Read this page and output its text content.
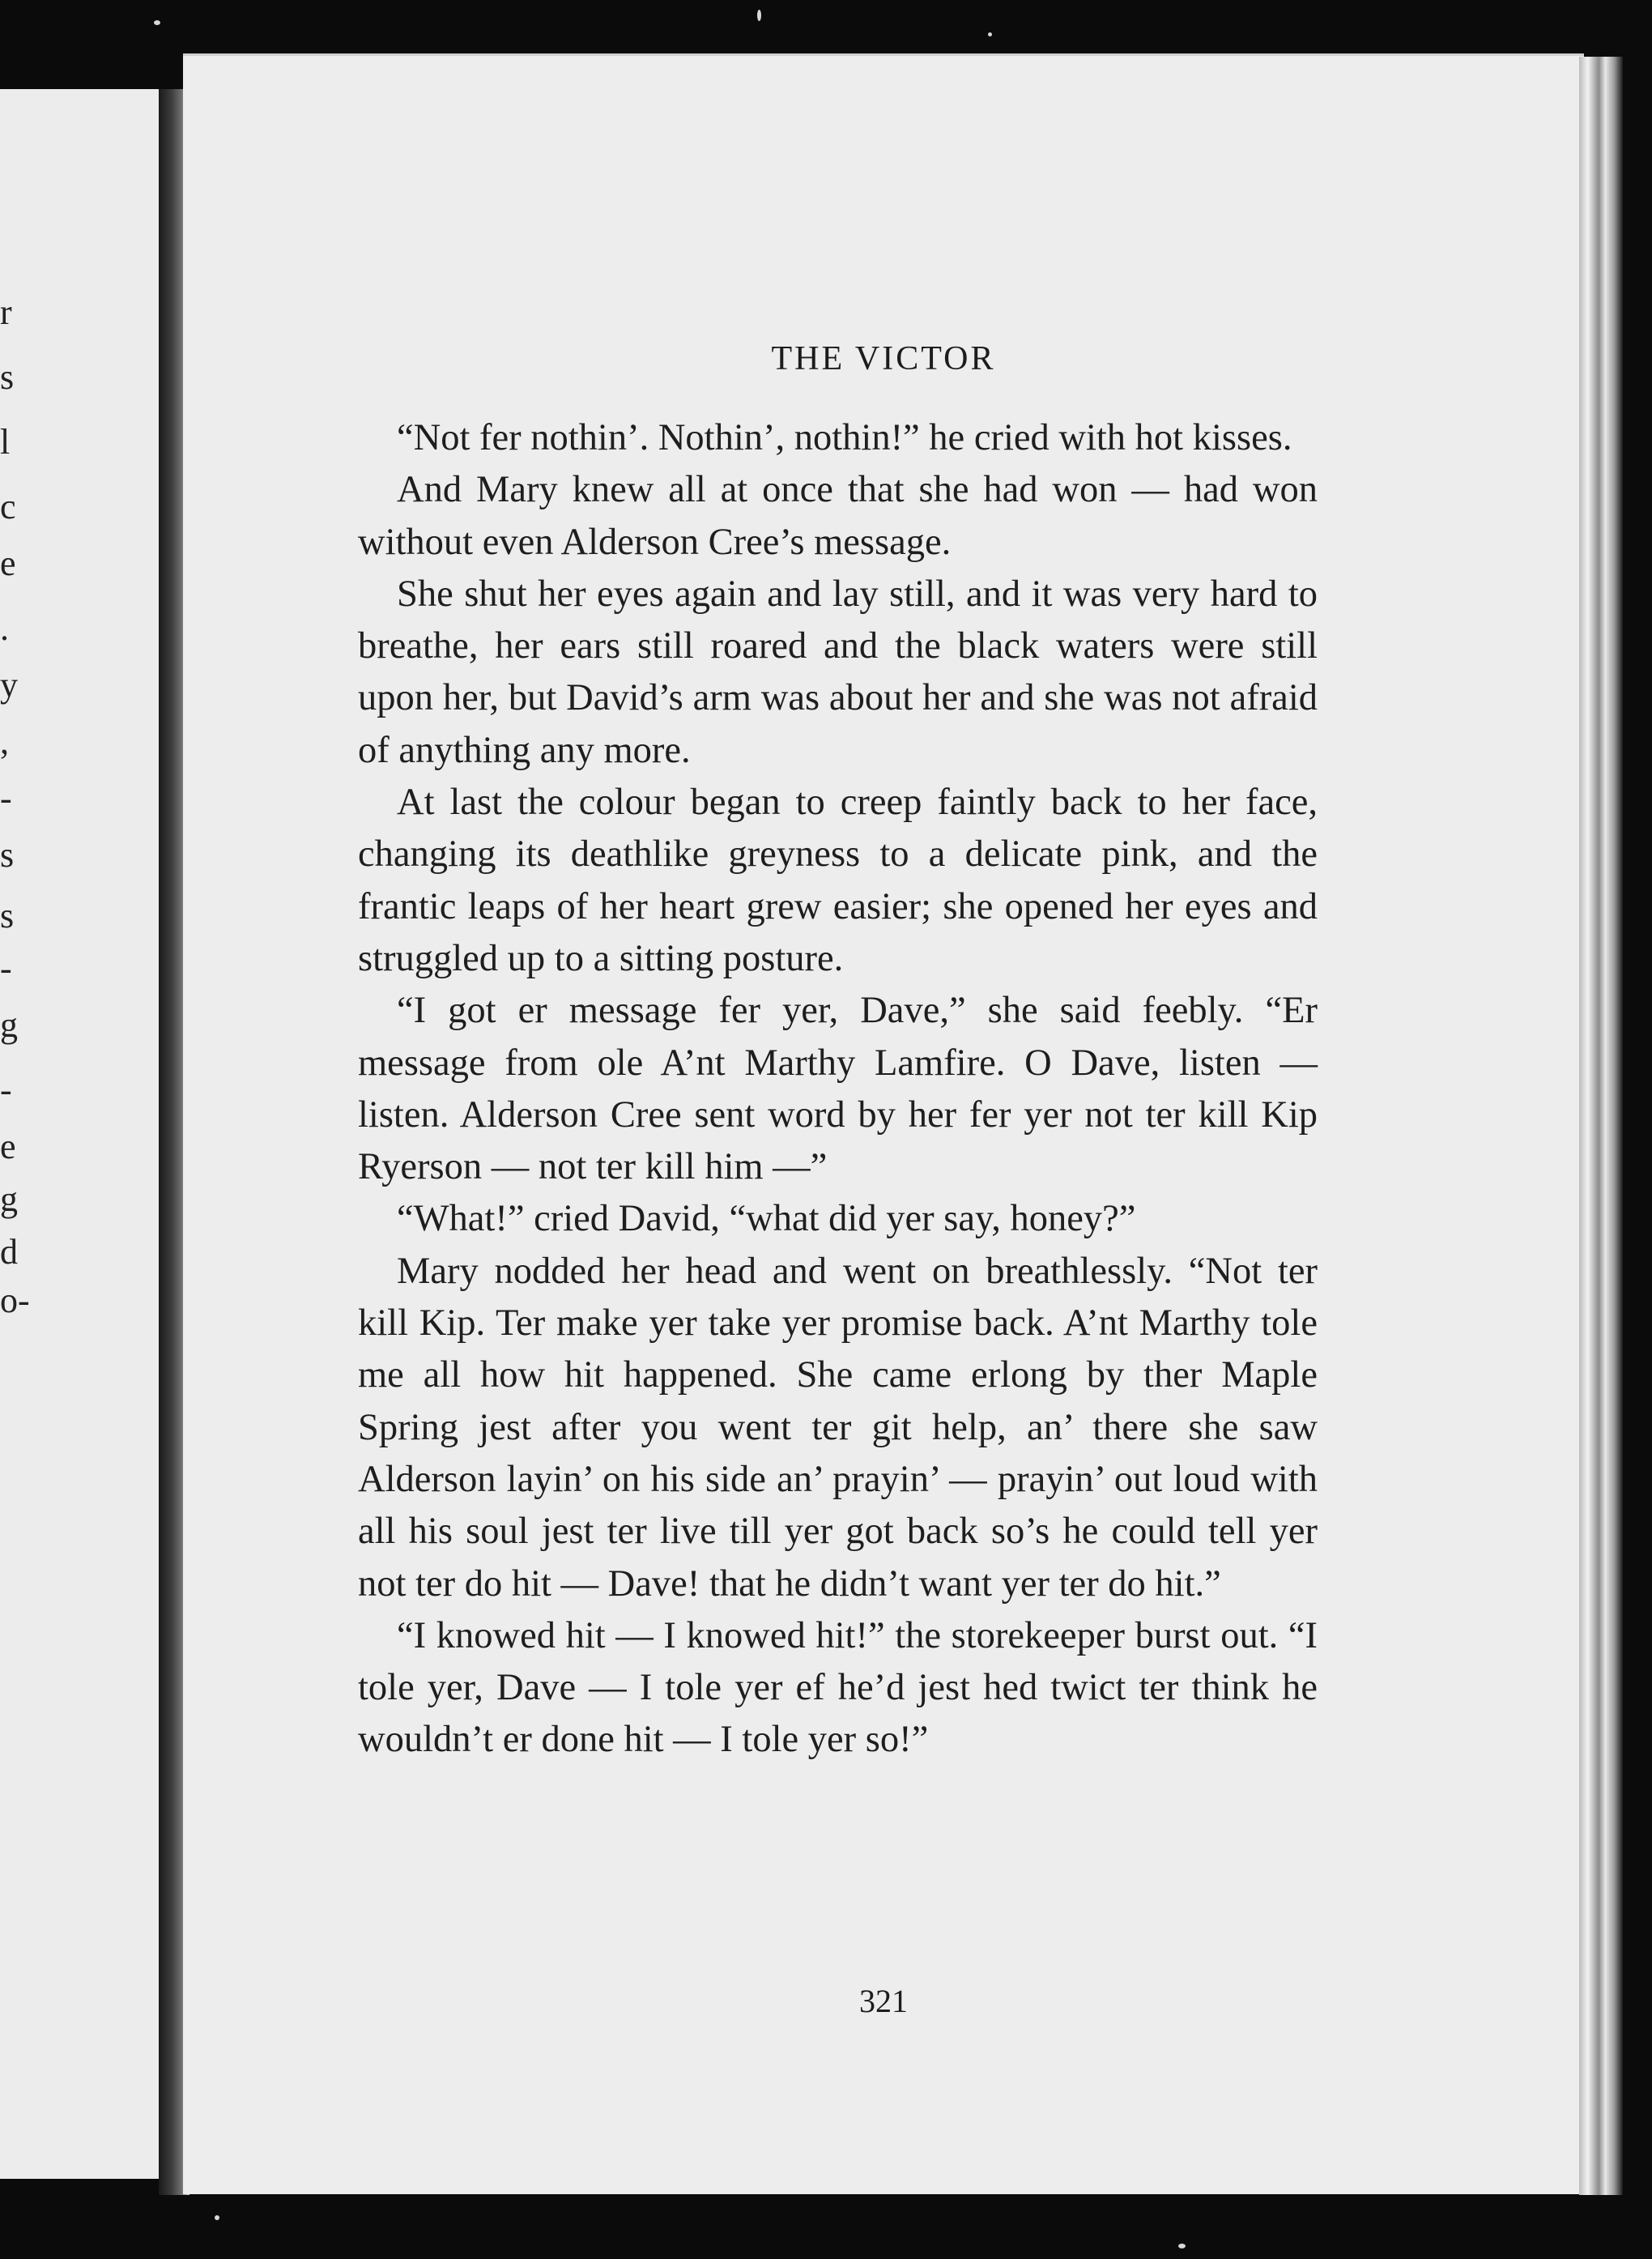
r
s
l
c
e
.
y
,
-
s
s
-
g
-
e
g
d
o-
THE VICTOR

“Not fer nothin’. Nothin’, nothin!” he cried with hot kisses.

And Mary knew all at once that she had won — had won without even Alderson Cree’s message.

She shut her eyes again and lay still, and it was very hard to breathe, her ears still roared and the black waters were still upon her, but David’s arm was about her and she was not afraid of anything any more.

At last the colour began to creep faintly back to her face, changing its deathlike greyness to a delicate pink, and the frantic leaps of her heart grew easier; she opened her eyes and struggled up to a sitting posture.

“I got er message fer yer, Dave,” she said feebly. “Er message from ole A’nt Marthy Lamfire. O Dave, listen — listen. Alderson Cree sent word by her fer yer not ter kill Kip Ryerson — not ter kill him —”

“What!” cried David, “what did yer say, honey?”

Mary nodded her head and went on breathlessly. “Not ter kill Kip. Ter make yer take yer promise back. A’nt Marthy tole me all how hit happened. She came erlong by ther Maple Spring jest after you went ter git help, an’ there she saw Alderson layin’ on his side an’ prayin’ — prayin’ out loud with all his soul jest ter live till yer got back so’s he could tell yer not ter do hit — Dave! that he didn’t want yer ter do hit.”

“I knowed hit — I knowed hit!” the storekeeper burst out. “I tole yer, Dave — I tole yer ef he’d jest hed twict ter think he wouldn’t er done hit — I tole yer so!”

321
